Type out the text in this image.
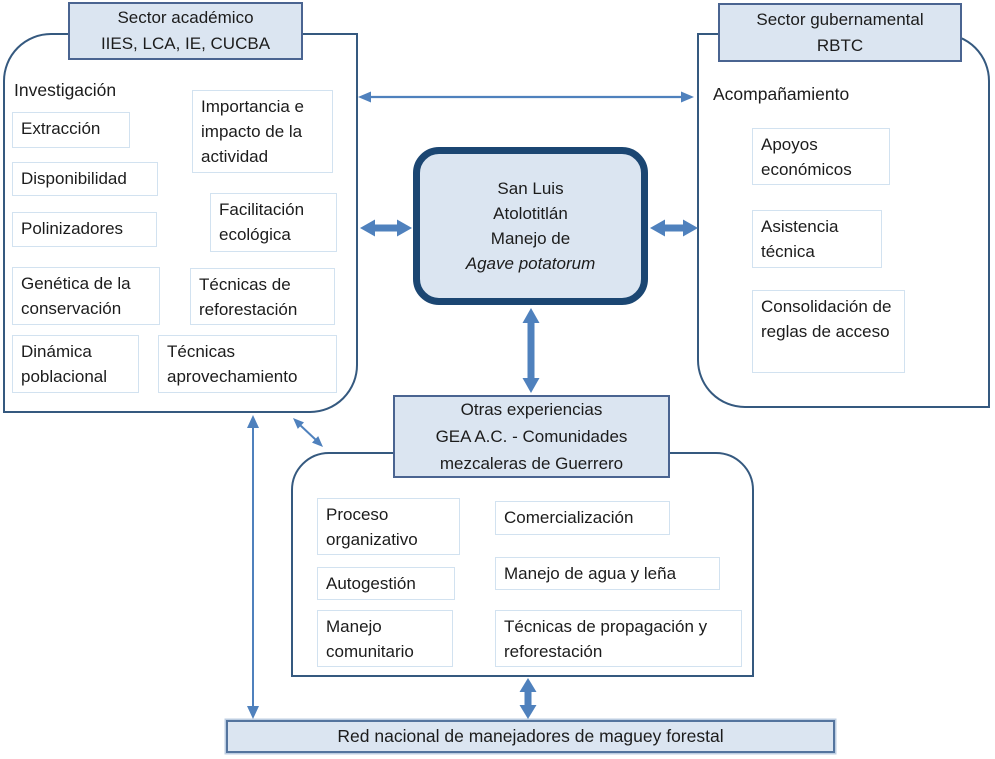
Sector académico
IIES, LCA, IE, CUCBA
Sector gubernamental
RBTC
Otras experiencias
GEA A.C. - Comunidades
mezcaleras de Guerrero
San Luis
Atolotitlán
Manejo de
Agave potatorum
Investigación
Extracción
Disponibilidad
Polinizadores
Genética de la conservación
Dinámica poblacional
Importancia e impacto de la actividad
Facilitación ecológica
Técnicas de reforestación
Técnicas aprovechamiento
Acompañamiento
Apoyos económicos
Asistencia técnica
Consolidación de reglas de acceso
Proceso organizativo
Autogestión
Manejo comunitario
Comercialización
Manejo de agua y leña
Técnicas de propagación y reforestación
Red nacional de manejadores de maguey forestal
